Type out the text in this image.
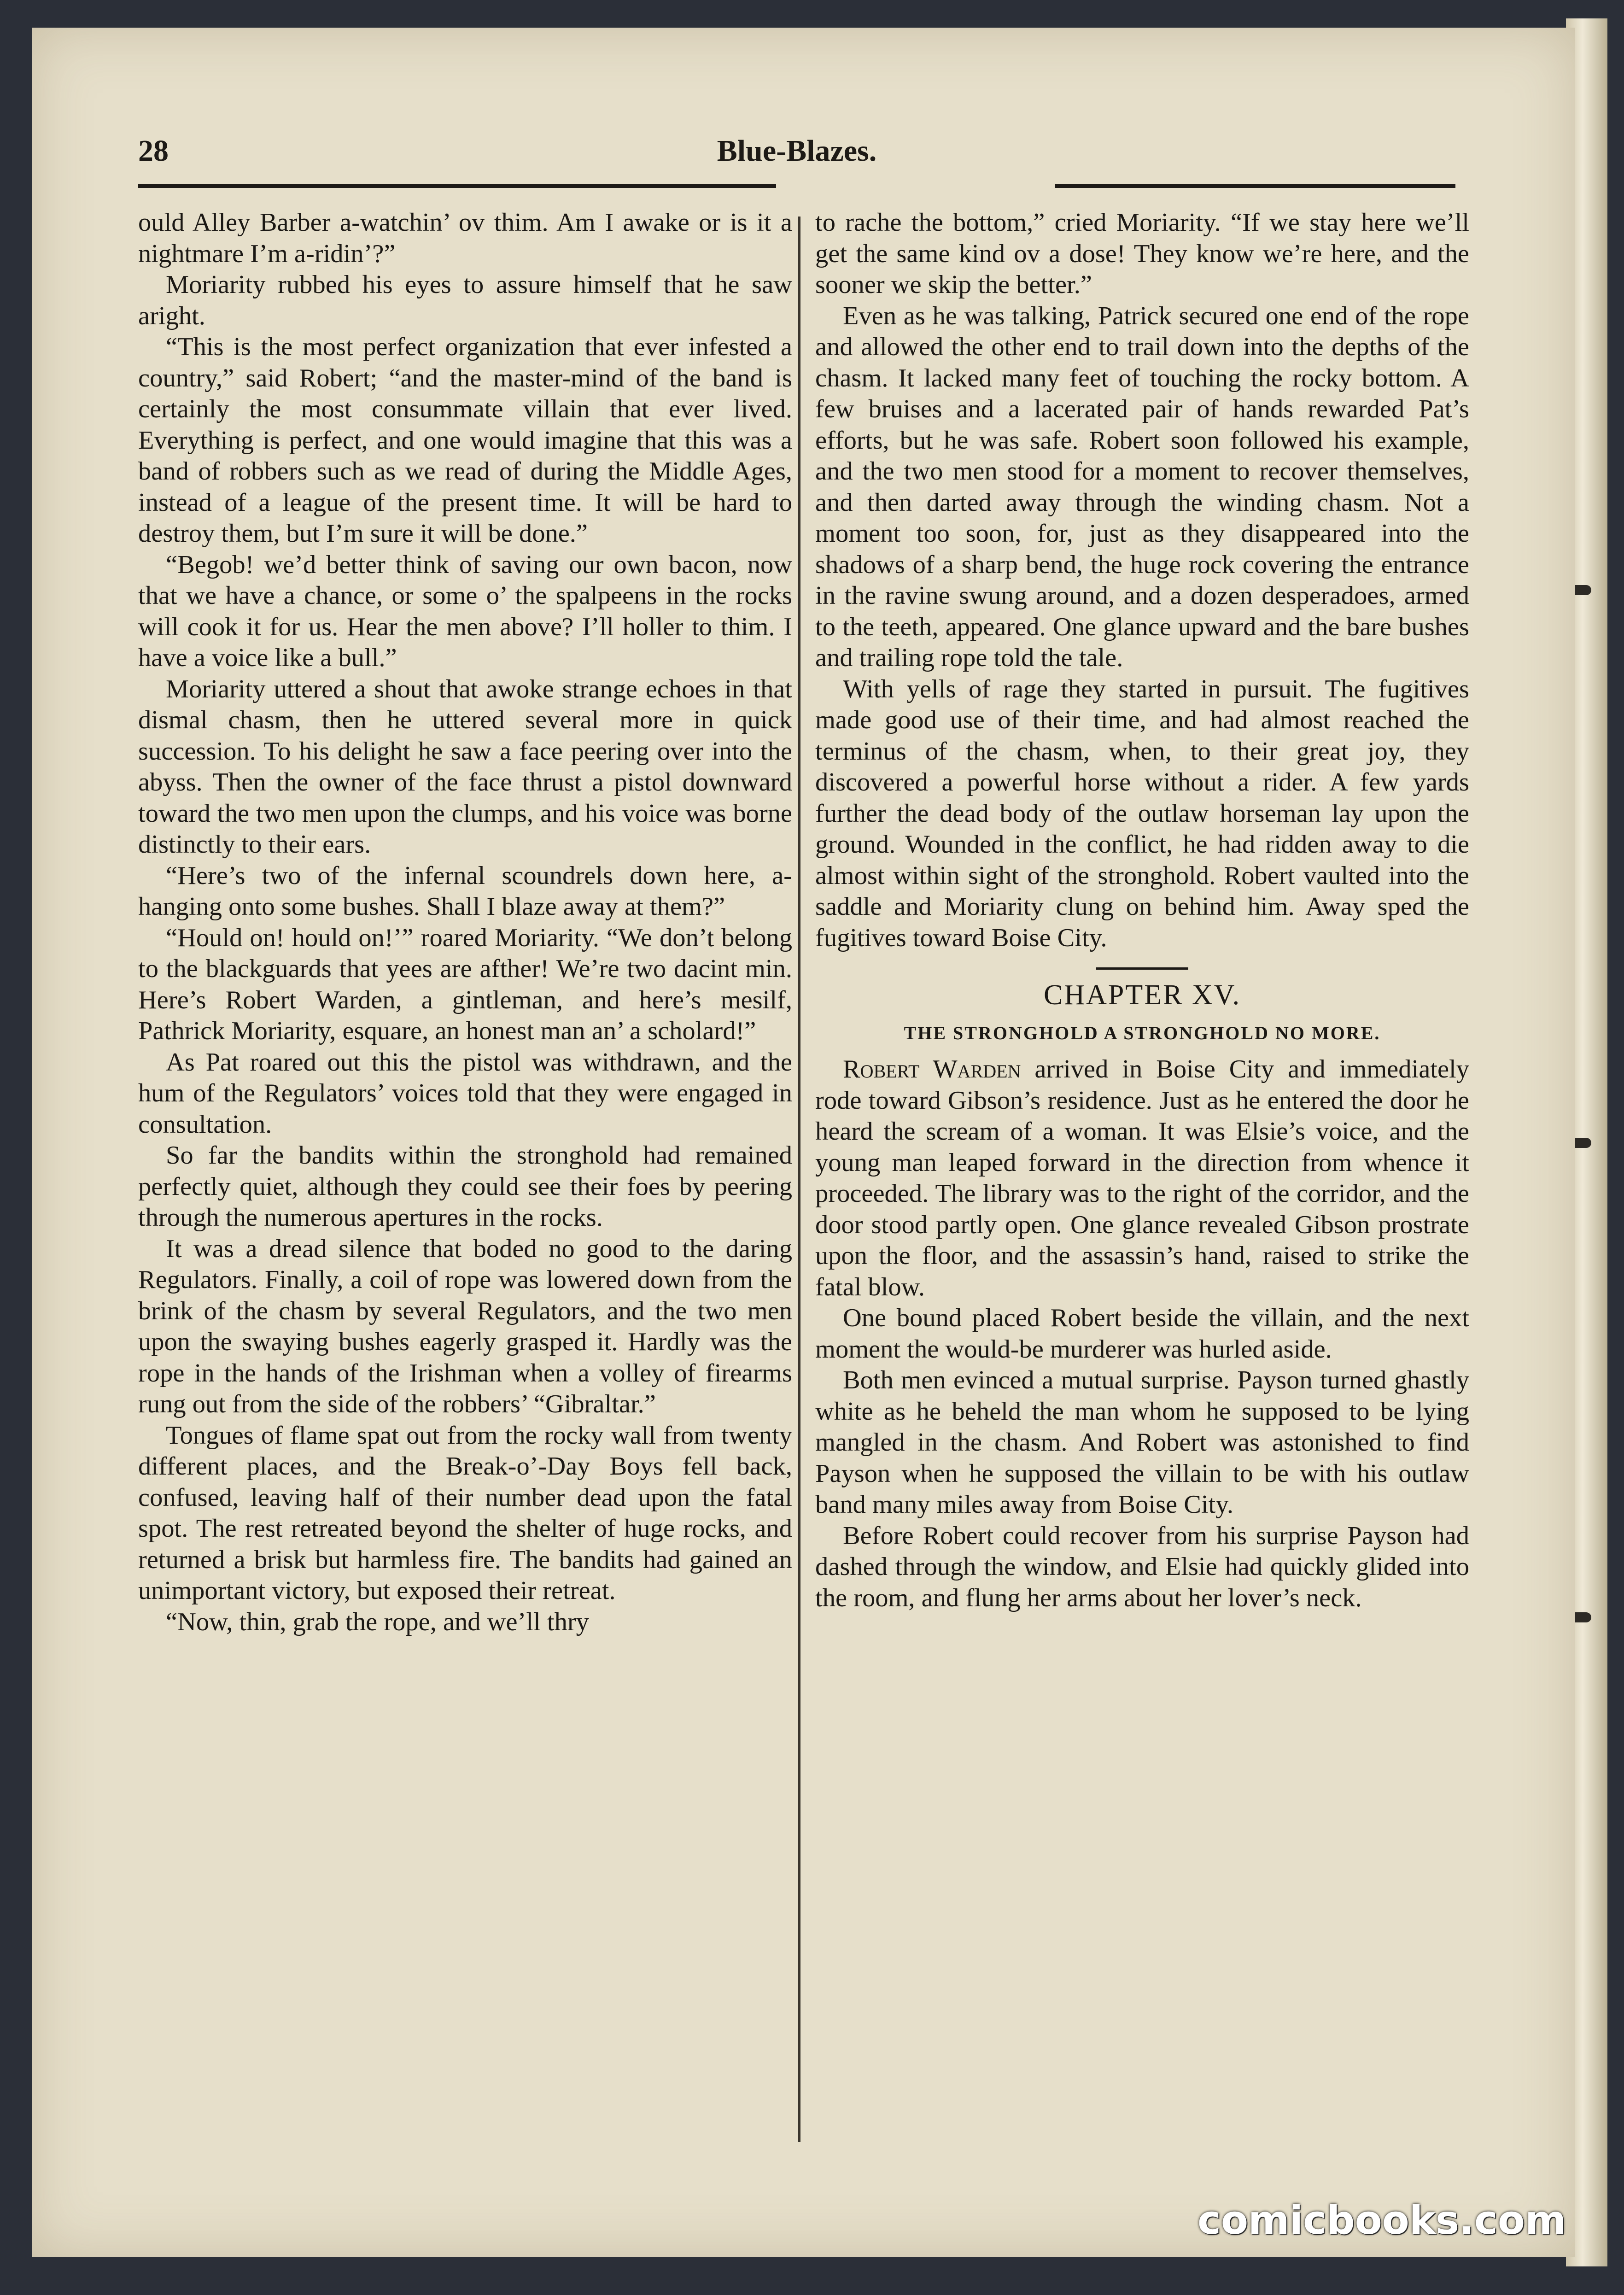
28	Blue-Blazes.

ould Alley Barber a-watchin’ ov thim. Am I awake or is it a nightmare I’m a-ridin’?”

Moriarity rubbed his eyes to assure himself that he saw aright.

“This is the most perfect organization that ever infested a country,” said Robert; “and the master-mind of the band is certainly the most consummate villain that ever lived. Everything is perfect, and one would imagine that this was a band of robbers such as we read of during the Middle Ages, instead of a league of the present time. It will be hard to destroy them, but I’m sure it will be done.”

“Begob! we’d better think of saving our own bacon, now that we have a chance, or some o’ the spalpeens in the rocks will cook it for us. Hear the men above? I’ll holler to thim. I have a voice like a bull.”

Moriarity uttered a shout that awoke strange echoes in that dismal chasm, then he uttered several more in quick succession. To his delight he saw a face peering over into the abyss. Then the owner of the face thrust a pistol downward toward the two men upon the clumps, and his voice was borne distinctly to their ears.

“Here’s two of the infernal scoundrels down here, a-hanging onto some bushes. Shall I blaze away at them?”

“Hould on! hould on!’” roared Moriarity. “We don’t belong to the blackguards that yees are afther! We’re two dacint min. Here’s Robert Warden, a gintleman, and here’s mesilf, Pathrick Moriarity, esquare, an honest man an’ a scholard!”

As Pat roared out this the pistol was withdrawn, and the hum of the Regulators’ voices told that they were engaged in consultation.

So far the bandits within the stronghold had remained perfectly quiet, although they could see their foes by peering through the numerous apertures in the rocks.

It was a dread silence that boded no good to the daring Regulators. Finally, a coil of rope was lowered down from the brink of the chasm by several Regulators, and the two men upon the swaying bushes eagerly grasped it. Hardly was the rope in the hands of the Irishman when a volley of firearms rung out from the side of the robbers’ “Gibraltar.”

Tongues of flame spat out from the rocky wall from twenty different places, and the Break-o’-Day Boys fell back, confused, leaving half of their number dead upon the fatal spot. The rest retreated beyond the shelter of huge rocks, and returned a brisk but harmless fire. The bandits had gained an unimportant victory, but exposed their retreat.

“Now, thin, grab the rope, and we’ll thry

to rache the bottom,” cried Moriarity. “If we stay here we’ll get the same kind ov a dose! They know we’re here, and the sooner we skip the better.”

Even as he was talking, Patrick secured one end of the rope and allowed the other end to trail down into the depths of the chasm. It lacked many feet of touching the rocky bottom. A few bruises and a lacerated pair of hands rewarded Pat’s efforts, but he was safe. Robert soon followed his example, and the two men stood for a moment to recover themselves, and then darted away through the winding chasm. Not a moment too soon, for, just as they disappeared into the shadows of a sharp bend, the huge rock covering the entrance in the ravine swung around, and a dozen desperadoes, armed to the teeth, appeared. One glance upward and the bare bushes and trailing rope told the tale.

With yells of rage they started in pursuit. The fugitives made good use of their time, and had almost reached the terminus of the chasm, when, to their great joy, they discovered a powerful horse without a rider. A few yards further the dead body of the outlaw horseman lay upon the ground. Wounded in the conflict, he had ridden away to die almost within sight of the stronghold. Robert vaulted into the saddle and Moriarity clung on behind him. Away sped the fugitives toward Boise City.

CHAPTER XV.
THE STRONGHOLD A STRONGHOLD NO MORE.

Robert Warden arrived in Boise City and immediately rode toward Gibson’s residence. Just as he entered the door he heard the scream of a woman. It was Elsie’s voice, and the young man leaped forward in the direction from whence it proceeded. The library was to the right of the corridor, and the door stood partly open. One glance revealed Gibson prostrate upon the floor, and the assassin’s hand, raised to strike the fatal blow.

One bound placed Robert beside the villain, and the next moment the would-be murderer was hurled aside.

Both men evinced a mutual surprise. Payson turned ghastly white as he beheld the man whom he supposed to be lying mangled in the chasm. And Robert was astonished to find Payson when he supposed the villain to be with his outlaw band many miles away from Boise City.

Before Robert could recover from his surprise Payson had dashed through the window, and Elsie had quickly glided into the room, and flung her arms about her lover’s neck.

comicbooks.com
